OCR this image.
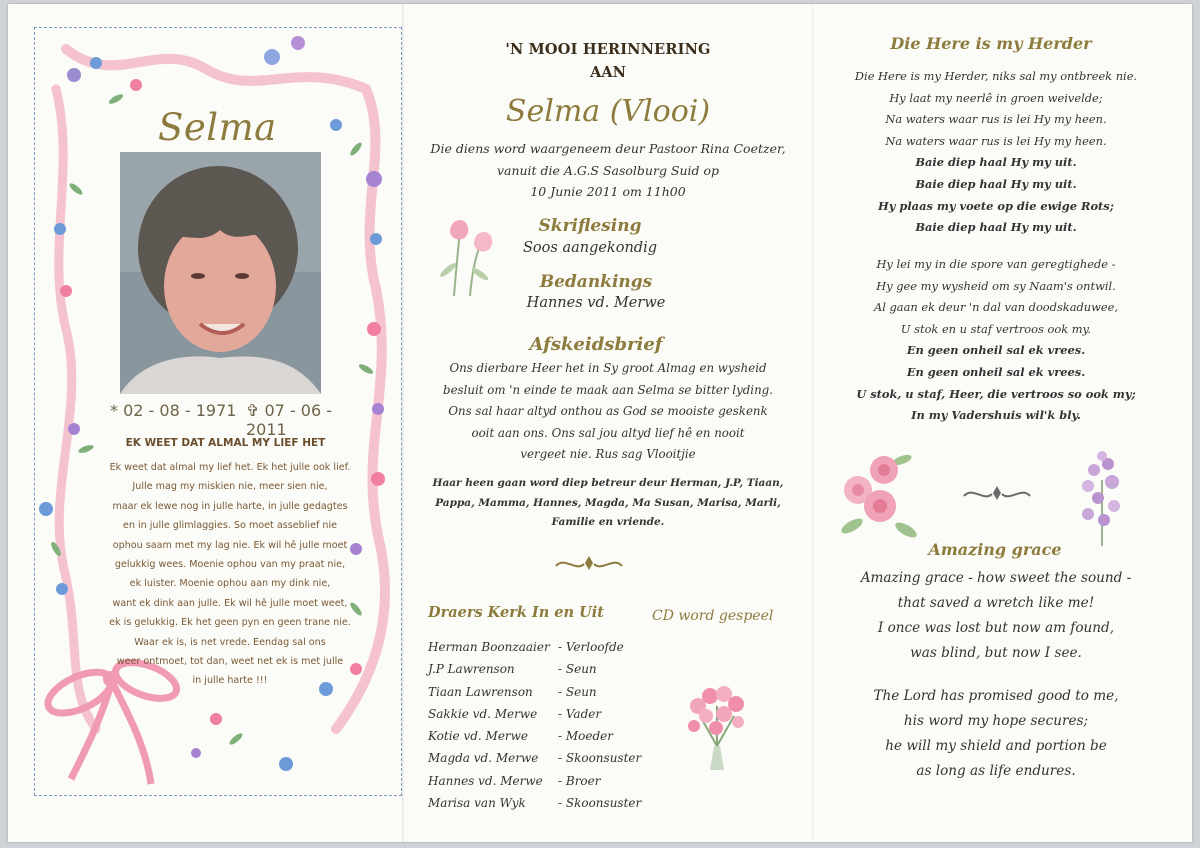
Selma
* 02 - 08 - 1971 ✞ 07 - 06 - 2011
EK WEET DAT ALMAL MY LIEF HET
Ek weet dat almal my lief het. Ek het julle ook lief.
Julle mag my miskien nie, meer sien nie,
maar ek lewe nog in julle harte, in julle gedagtes
en in julle glimlaggies. So moet asseblief nie
ophou saam met my lag nie. Ek wil hê julle moet
gelukkig wees. Moenie ophou van my praat nie,
ek luister. Moenie ophou aan my dink nie,
want ek dink aan julle. Ek wil hê julle moet weet,
ek is gelukkig. Ek het geen pyn en geen trane nie.
Waar ek is, is net vrede. Eendag sal ons
weer ontmoet, tot dan, weet net ek is met julle
in julle harte !!!
'N MOOI HERINNERING
AAN
Selma (Vlooi)
Die diens word waargeneem deur Pastoor Rina Coetzer,
vanuit die A.G.S Sasolburg Suid op
10 Junie 2011 om 11h00
Skriflesing
Soos aangekondig
Bedankings
Hannes vd. Merwe
Afskeidsbrief
Ons dierbare Heer het in Sy groot Almag en wysheid
besluit om 'n einde te maak aan Selma se bitter lyding.
Ons sal haar altyd onthou as God se mooiste geskenk
ooit aan ons. Ons sal jou altyd lief hê en nooit
vergeet nie. Rus sag Vlooitjie
Haar heen gaan word diep betreur deur Herman, J.P, Tiaan,
Pappa, Mamma, Hannes, Magda, Ma Susan, Marisa, Marli,
Familie en vriende.
Draers Kerk In en Uit	CD word gespeel
Herman Boonzaaier - Verloofde
J.P Lawrenson	- Seun
Tiaan Lawrenson - Seun
Sakkie vd. Merwe - Vader
Kotie vd. Merwe - Moeder
Magda vd. Merwe - Skoonsuster
Hannes vd. Merwe - Broer
Marisa van Wyk	- Skoonsuster
Die Here is my Herder
Die Here is my Herder, niks sal my ontbreek nie.
Hy laat my neerlê in groen weivelde;
Na waters waar rus is lei Hy my heen.
Na waters waar rus is lei Hy my heen.
Baie diep haal Hy my uit.
Baie diep haal Hy my uit.
Hy plaas my voete op die ewige Rots;
Baie diep haal Hy my uit.
Hy lei my in die spore van geregtighede -
Hy gee my wysheid om sy Naam's ontwil.
Al gaan ek deur 'n dal van doodskaduwee,
U stok en u staf vertroos ook my.
En geen onheil sal ek vrees.
En geen onheil sal ek vrees.
U stok, u staf, Heer, die vertroos so ook my;
In my Vadershuis wil'k bly.
Amazing grace
Amazing grace - how sweet the sound -
that saved a wretch like me!
I once was lost but now am found,
was blind, but now I see.
The Lord has promised good to me,
his word my hope secures;
he will my shield and portion be
as long as life endures.
